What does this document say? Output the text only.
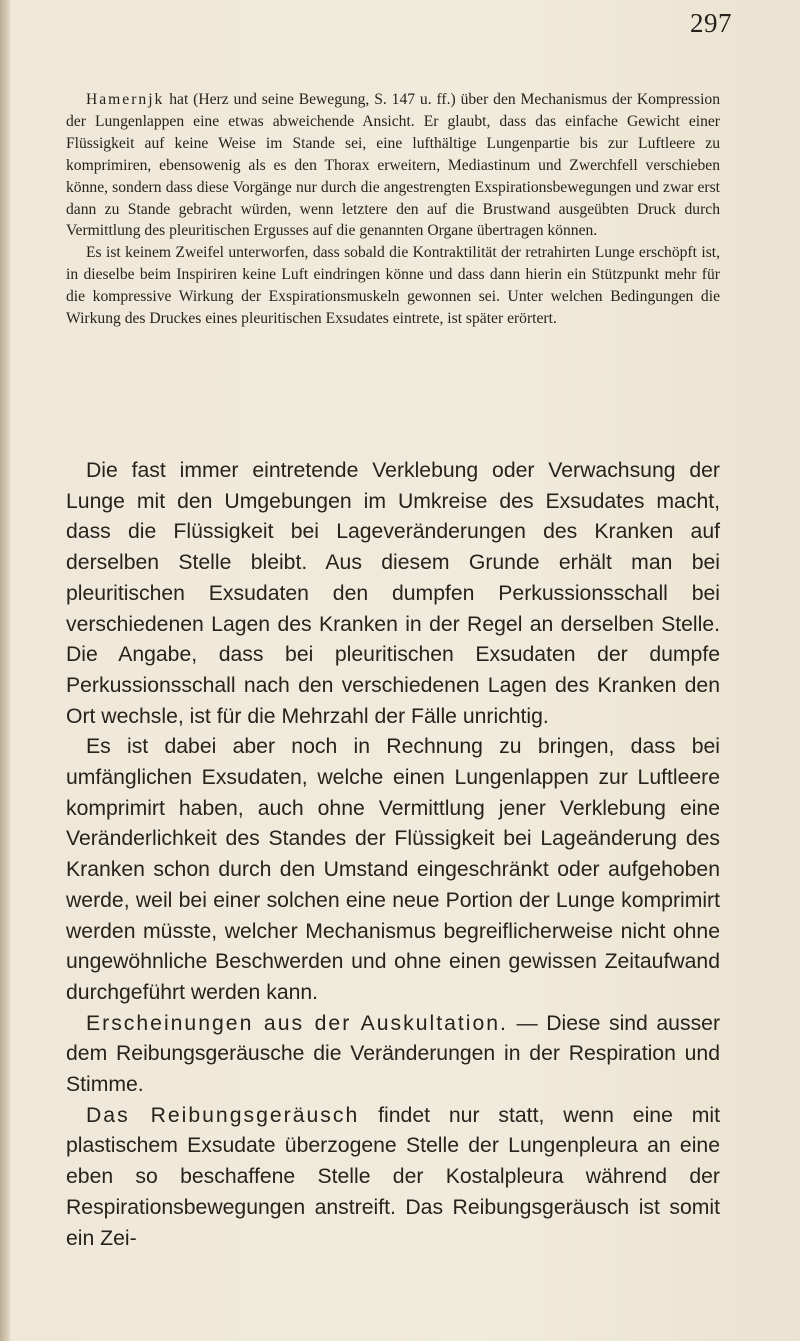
297

Hamernjk hat (Herz und seine Bewegung, S. 147 u. ff.) über den Mechanismus der Kompression der Lungenlappen eine etwas abweichende Ansicht. Er glaubt, dass das einfache Gewicht einer Flüssigkeit auf keine Weise im Stande sei, eine lufthältige Lungenpartie bis zur Luftleere zu komprimiren, ebensowenig als es den Thorax erweitern, Mediastinum und Zwerchfell verschieben könne, sondern dass diese Vorgänge nur durch die angestrengten Exspirationsbewegungen und zwar erst dann zu Stande gebracht würden, wenn letztere den auf die Brustwand ausgeübten Druck durch Vermittlung des pleuritischen Ergusses auf die genannten Organe übertragen können.

Es ist keinem Zweifel unterworfen, dass sobald die Kontraktilität der retrahirten Lunge erschöpft ist, in dieselbe beim Inspiriren keine Luft eindringen könne und dass dann hierin ein Stützpunkt mehr für die kompressive Wirkung der Exspirationsmuskeln gewonnen sei. Unter welchen Bedingungen die Wirkung des Druckes eines pleuritischen Exsudates eintrete, ist später erörtert.

Die fast immer eintretende Verklebung oder Verwachsung der Lunge mit den Umgebungen im Umkreise des Exsudates macht, dass die Flüssigkeit bei Lageveränderungen des Kranken auf derselben Stelle bleibt. Aus diesem Grunde erhält man bei pleuritischen Exsudaten den dumpfen Perkussionsschall bei verschiedenen Lagen des Kranken in der Regel an derselben Stelle. Die Angabe, dass bei pleuritischen Exsudaten der dumpfe Perkussionsschall nach den verschiedenen Lagen des Kranken den Ort wechsle, ist für die Mehrzahl der Fälle unrichtig.

Es ist dabei aber noch in Rechnung zu bringen, dass bei umfänglichen Exsudaten, welche einen Lungenlappen zur Luftleere komprimirt haben, auch ohne Vermittlung jener Verklebung eine Veränderlichkeit des Standes der Flüssigkeit bei Lageänderung des Kranken schon durch den Umstand eingeschränkt oder aufgehoben werde, weil bei einer solchen eine neue Portion der Lunge komprimirt werden müsste, welcher Mechanismus begreiflicherweise nicht ohne ungewöhnliche Beschwerden und ohne einen gewissen Zeitaufwand durchgeführt werden kann.

Erscheinungen aus der Auskultation. — Diese sind ausser dem Reibungsgeräusche die Veränderungen in der Respiration und Stimme.

Das Reibungsgeräusch findet nur statt, wenn eine mit plastischem Exsudate überzogene Stelle der Lungenpleura an eine eben so beschaffene Stelle der Kostalpleura während der Respirationsbewegungen anstreift. Das Reibungsgeräusch ist somit ein Zei-
